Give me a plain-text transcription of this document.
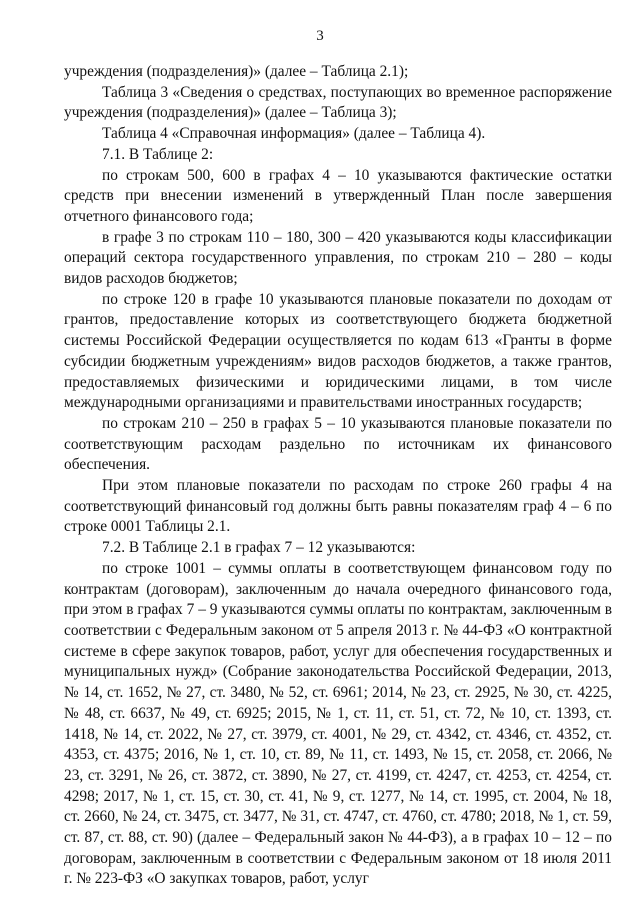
3

учреждения (подразделения)» (далее – Таблица 2.1);

Таблица 3 «Сведения о средствах, поступающих во временное распоряжение учреждения (подразделения)» (далее – Таблица 3);

Таблица 4 «Справочная информация» (далее – Таблица 4).

7.1. В Таблице 2:

по строкам 500, 600 в графах 4 – 10 указываются фактические остатки средств при внесении изменений в утвержденный План после завершения отчетного финансового года;

в графе 3 по строкам 110 – 180, 300 – 420 указываются коды классификации операций сектора государственного управления, по строкам 210 – 280 – коды видов расходов бюджетов;

по строке 120 в графе 10 указываются плановые показатели по доходам от грантов, предоставление которых из соответствующего бюджета бюджетной системы Российской Федерации осуществляется по кодам 613 «Гранты в форме субсидии бюджетным учреждениям» видов расходов бюджетов, а также грантов, предоставляемых физическими и юридическими лицами, в том числе международными организациями и правительствами иностранных государств;

по строкам 210 – 250 в графах 5 – 10 указываются плановые показатели по соответствующим расходам раздельно по источникам их финансового обеспечения.

При этом плановые показатели по расходам по строке 260 графы 4 на соответствующий финансовый год должны быть равны показателям граф 4 – 6 по строке 0001 Таблицы 2.1.

7.2. В Таблице 2.1 в графах 7 – 12 указываются:

по строке 1001 – суммы оплаты в соответствующем финансовом году по контрактам (договорам), заключенным до начала очередного финансового года, при этом в графах 7 – 9 указываются суммы оплаты по контрактам, заключенным в соответствии с Федеральным законом от 5 апреля 2013 г. № 44-ФЗ «О контрактной системе в сфере закупок товаров, работ, услуг для обеспечения государственных и муниципальных нужд» (Собрание законодательства Российской Федерации, 2013, № 14, ст. 1652, № 27, ст. 3480, № 52, ст. 6961; 2014, № 23, ст. 2925, № 30, ст. 4225, № 48, ст. 6637, № 49, ст. 6925; 2015, № 1, ст. 11, ст. 51, ст. 72, № 10, ст. 1393, ст. 1418, № 14, ст. 2022, № 27, ст. 3979, ст. 4001, № 29, ст. 4342, ст. 4346, ст. 4352, ст. 4353, ст. 4375; 2016, № 1, ст. 10, ст. 89, № 11, ст. 1493, № 15, ст. 2058, ст. 2066, № 23, ст. 3291, № 26, ст. 3872, ст. 3890, № 27, ст. 4199, ст. 4247, ст. 4253, ст. 4254, ст. 4298; 2017, № 1, ст. 15, ст. 30, ст. 41, № 9, ст. 1277, № 14, ст. 1995, ст. 2004, № 18, ст. 2660, № 24, ст. 3475, ст. 3477, № 31, ст. 4747, ст. 4760, ст. 4780; 2018, № 1, ст. 59, ст. 87, ст. 88, ст. 90) (далее – Федеральный закон № 44-ФЗ), а в графах 10 – 12 – по договорам, заключенным в соответствии с Федеральным законом от 18 июля 2011 г. № 223-ФЗ «О закупках товаров, работ, услуг
